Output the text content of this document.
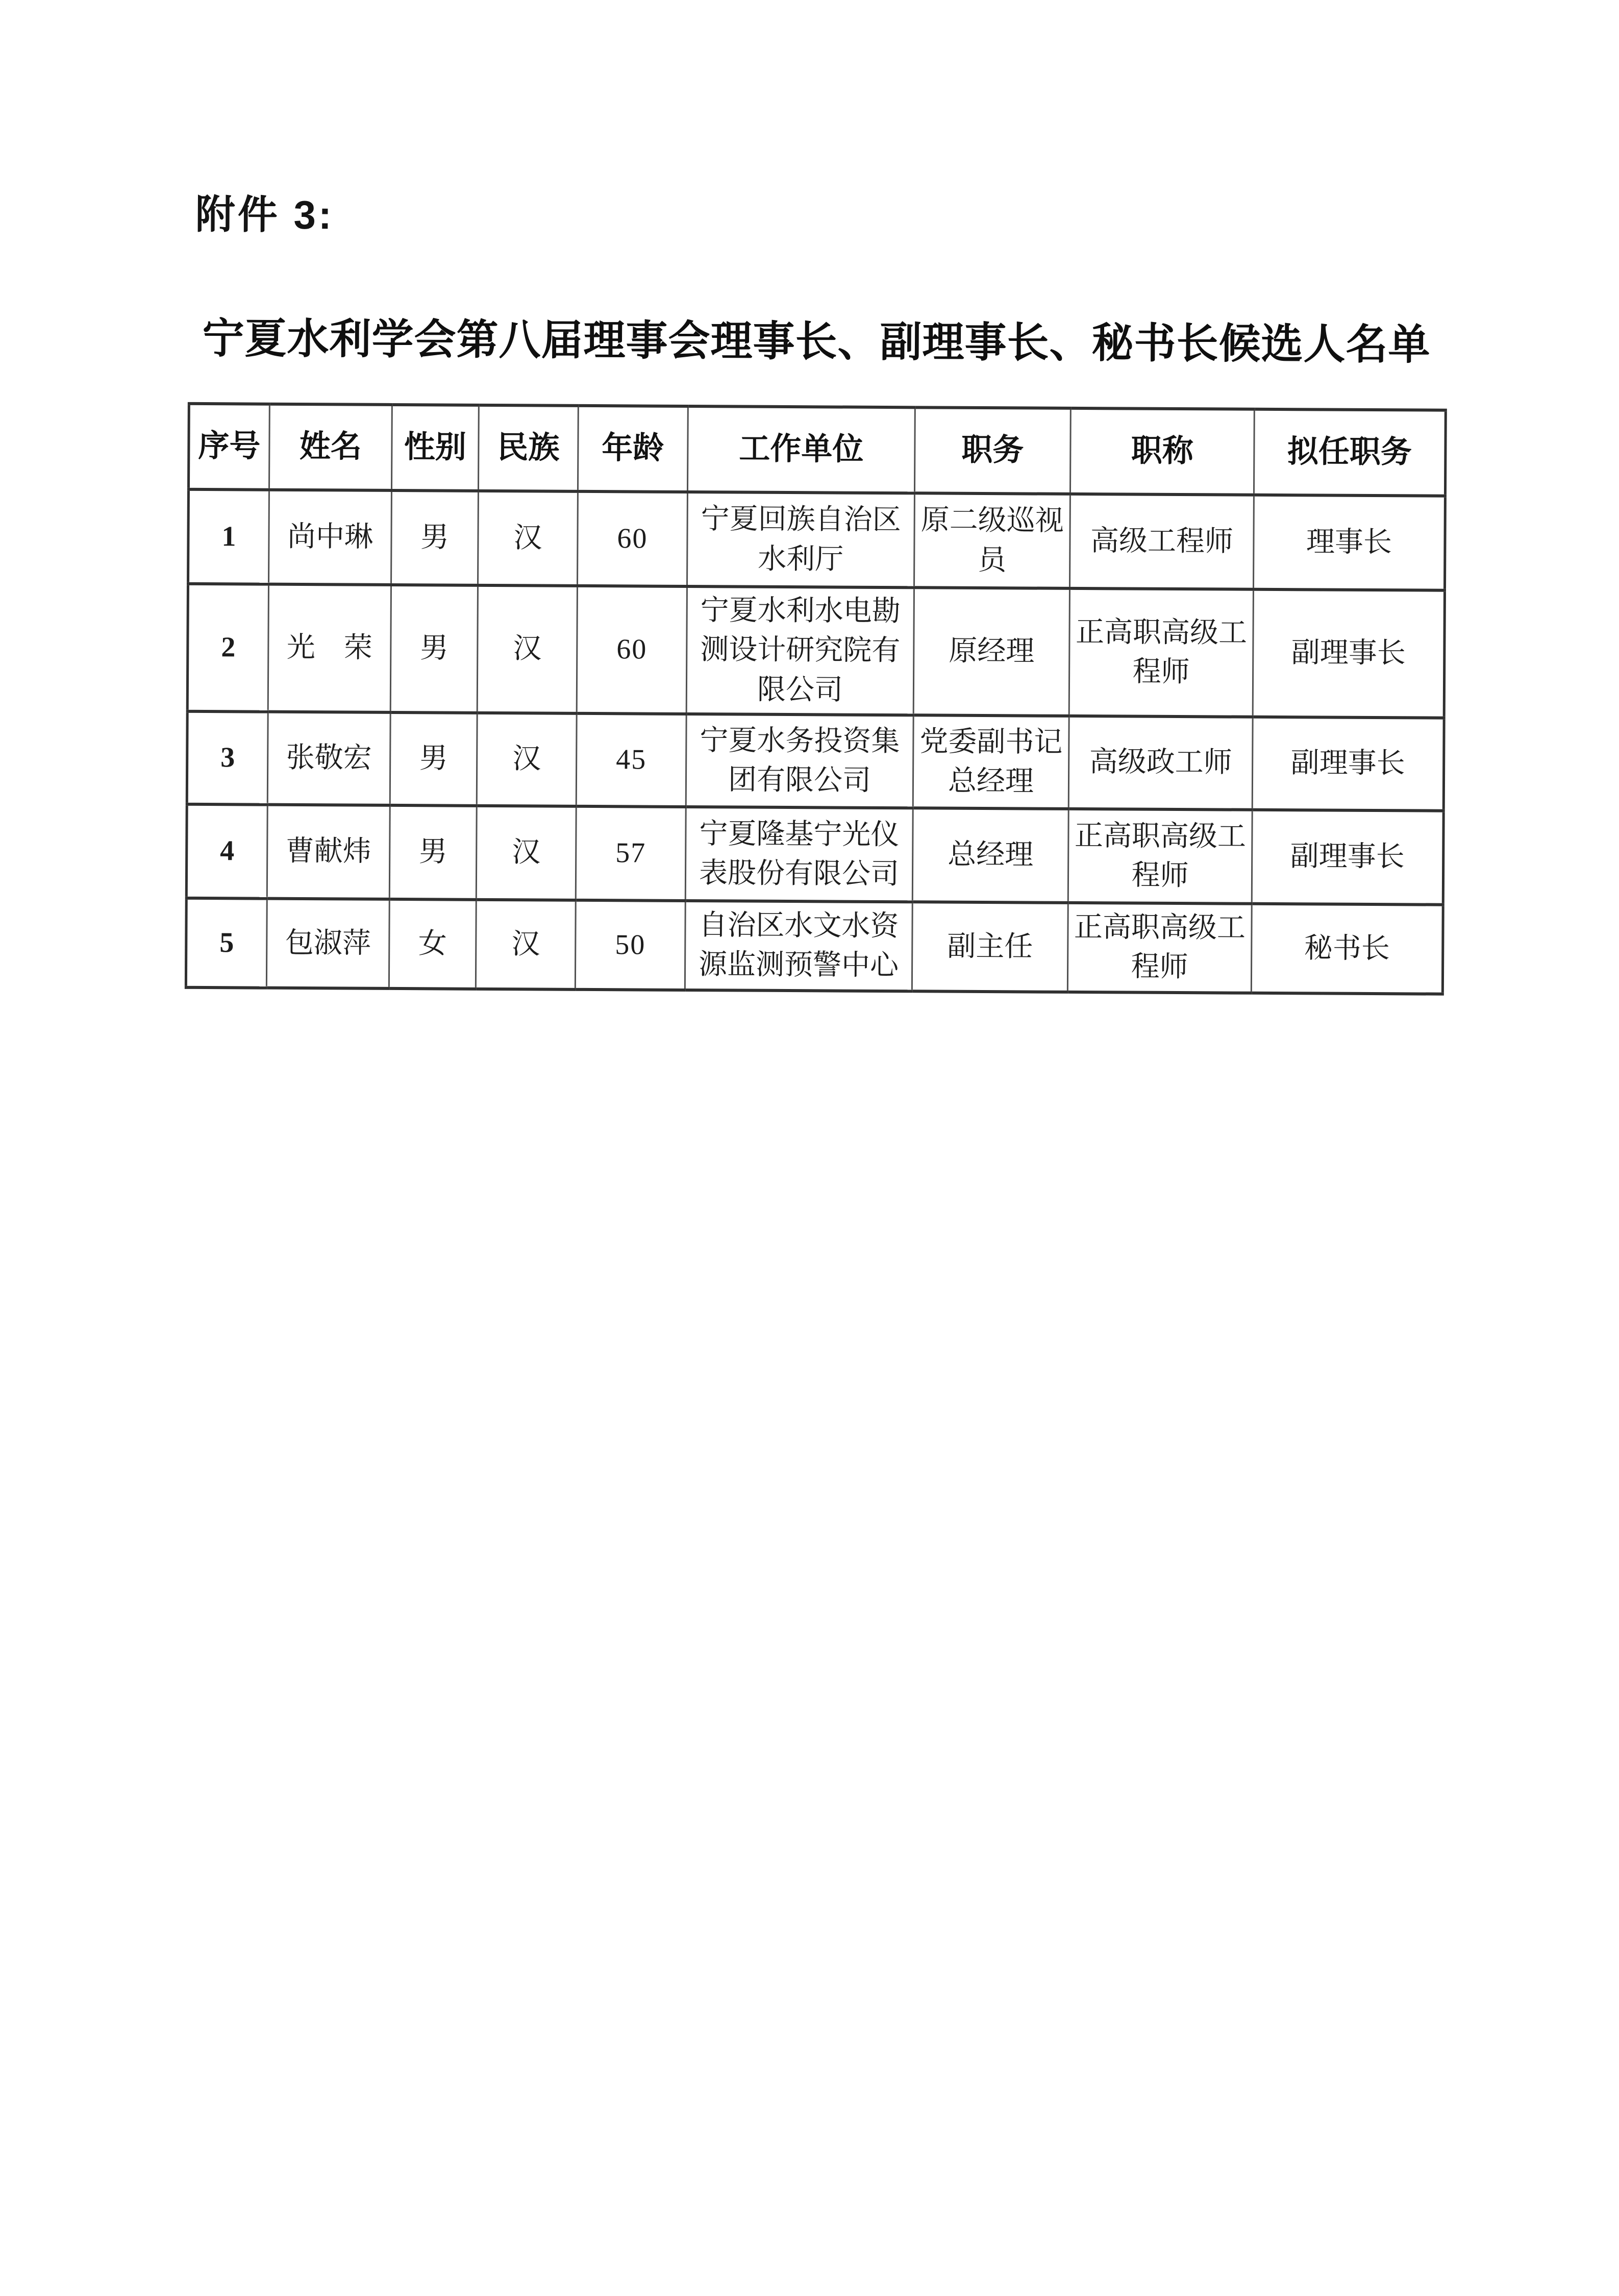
附件 3:
宁夏水利学会第八届理事会理事长、副理事长、秘书长候选人名单
序号	姓名	性别	民族	年龄	工作单位	职务	职称	拟任职务
1	尚中琳	男	汉	60	宁夏回族自治区水利厅	原二级巡视员	高级工程师	理事长
2	光　荣	男	汉	60	宁夏水利水电勘测设计研究院有限公司	原经理	正高职高级工程师	副理事长
3	张敬宏	男	汉	45	宁夏水务投资集团有限公司	党委副书记总经理	高级政工师	副理事长
4	曹献炜	男	汉	57	宁夏隆基宁光仪表股份有限公司	总经理	正高职高级工程师	副理事长
5	包淑萍	女	汉	50	自治区水文水资源监测预警中心	副主任	正高职高级工程师	秘书长
